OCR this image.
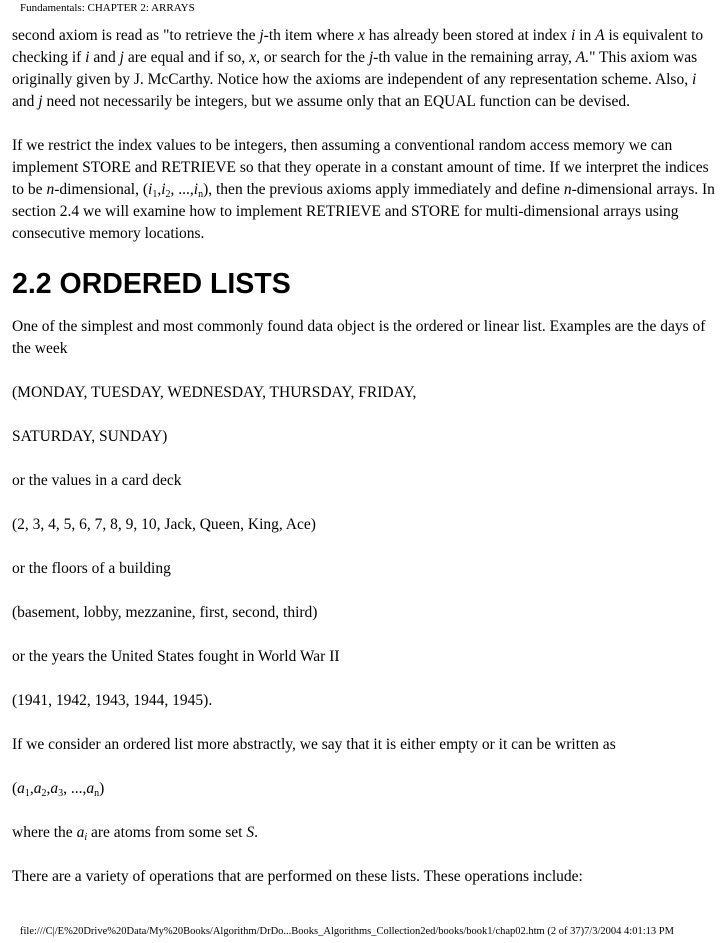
Fundamentals: CHAPTER 2: ARRAYS

second axiom is read as "to retrieve the j-th item where x has already been stored at index i in A is equivalent to checking if i and j are equal and if so, x, or search for the j-th value in the remaining array, A." This axiom was originally given by J. McCarthy. Notice how the axioms are independent of any representation scheme. Also, i and j need not necessarily be integers, but we assume only that an EQUAL function can be devised.

If we restrict the index values to be integers, then assuming a conventional random access memory we can implement STORE and RETRIEVE so that they operate in a constant amount of time. If we interpret the indices to be n-dimensional, ($i_1,i_2$, $...,i_n$), then the previous axioms apply immediately and define n-dimensional arrays. In section 2.4 we will examine how to implement RETRIEVE and STORE for multi-dimensional arrays using consecutive memory locations.

2.2 ORDERED LISTS

One of the simplest and most commonly found data object is the ordered or linear list. Examples are the days of the week

(MONDAY, TUESDAY, WEDNESDAY, THURSDAY, FRIDAY,

SATURDAY, SUNDAY)

or the values in a card deck

(2, 3, 4, 5, 6, 7, 8, 9, 10, Jack, Queen, King, Ace)

or the floors of a building

(basement, lobby, mezzanine, first, second, third)

or the years the United States fought in World War II

(1941, 1942, 1943, 1944, 1945).

If we consider an ordered list more abstractly, we say that it is either empty or it can be written as

($a_1,a_2,a_3$, $...,a_n$)

where the $a_i$ are atoms from some set S.

There are a variety of operations that are performed on these lists. These operations include:

file:///C|/E%20Drive%20Data/My%20Books/Algorithm/DrDo...Books_Algorithms_Collection2ed/books/book1/chap02.htm (2 of 37)7/3/2004 4:01:13 PM
